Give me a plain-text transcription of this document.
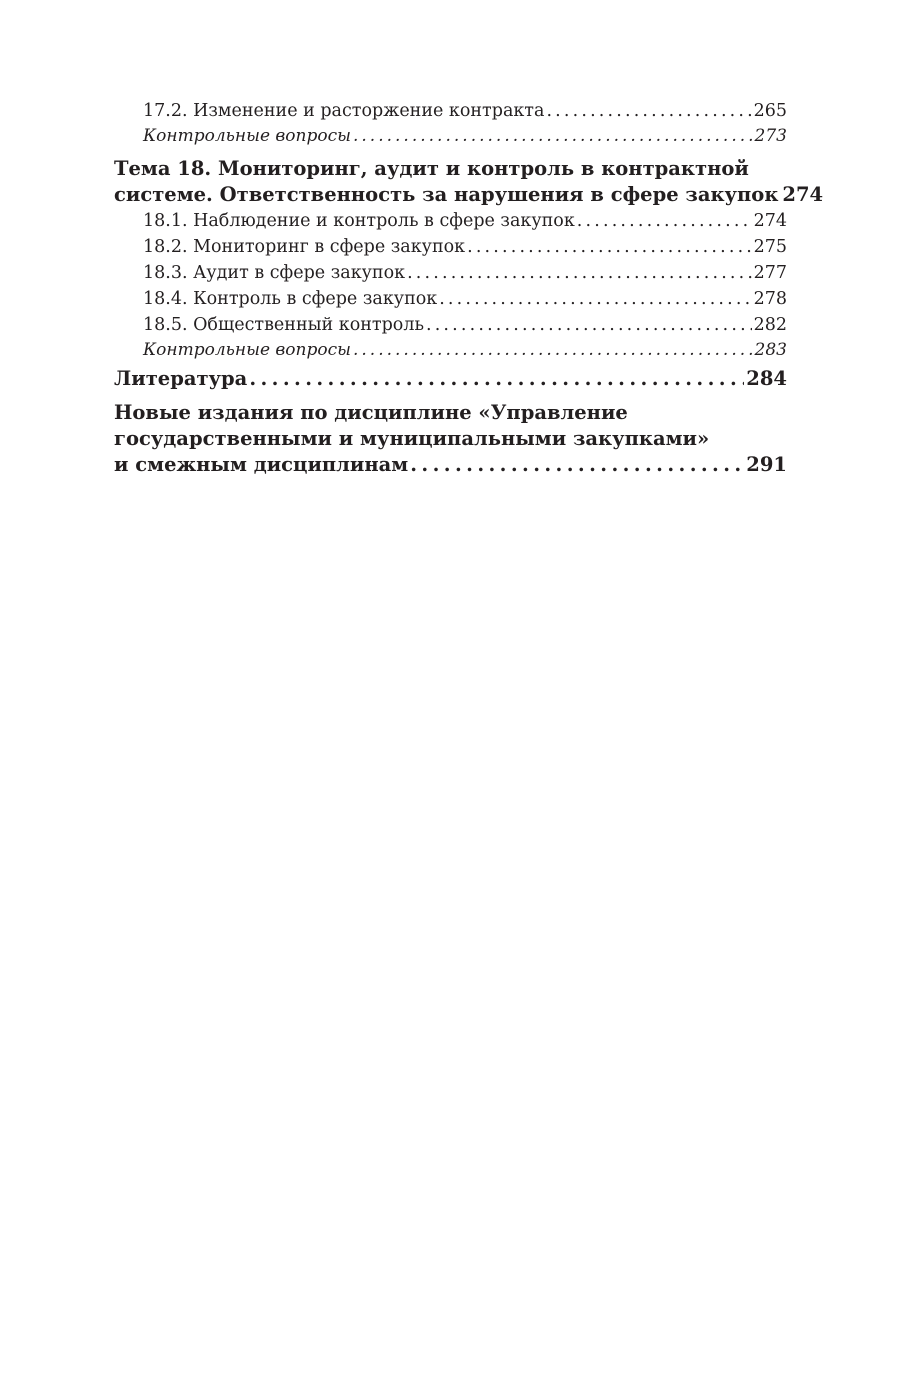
17.2. Изменение и расторжение контракта . . .	265
Контрольные вопросы . . .	273
Тема 18. Мониторинг, аудит и контроль в контрактной
системе. Ответственность за нарушения в сфере закупок 274
18.1. Наблюдение и контроль в сфере закупок . . .	274
18.2. Мониторинг в сфере закупок . . .	275
18.3. Аудит в сфере закупок . . .	277
18.4. Контроль в сфере закупок . . .	278
18.5. Общественный контроль . . .	282
Контрольные вопросы . . .	283
Литература . . .	284
Новые издания по дисциплине «Управление
государственными и муниципальными закупками»
и смежным дисциплинам . . .	291
